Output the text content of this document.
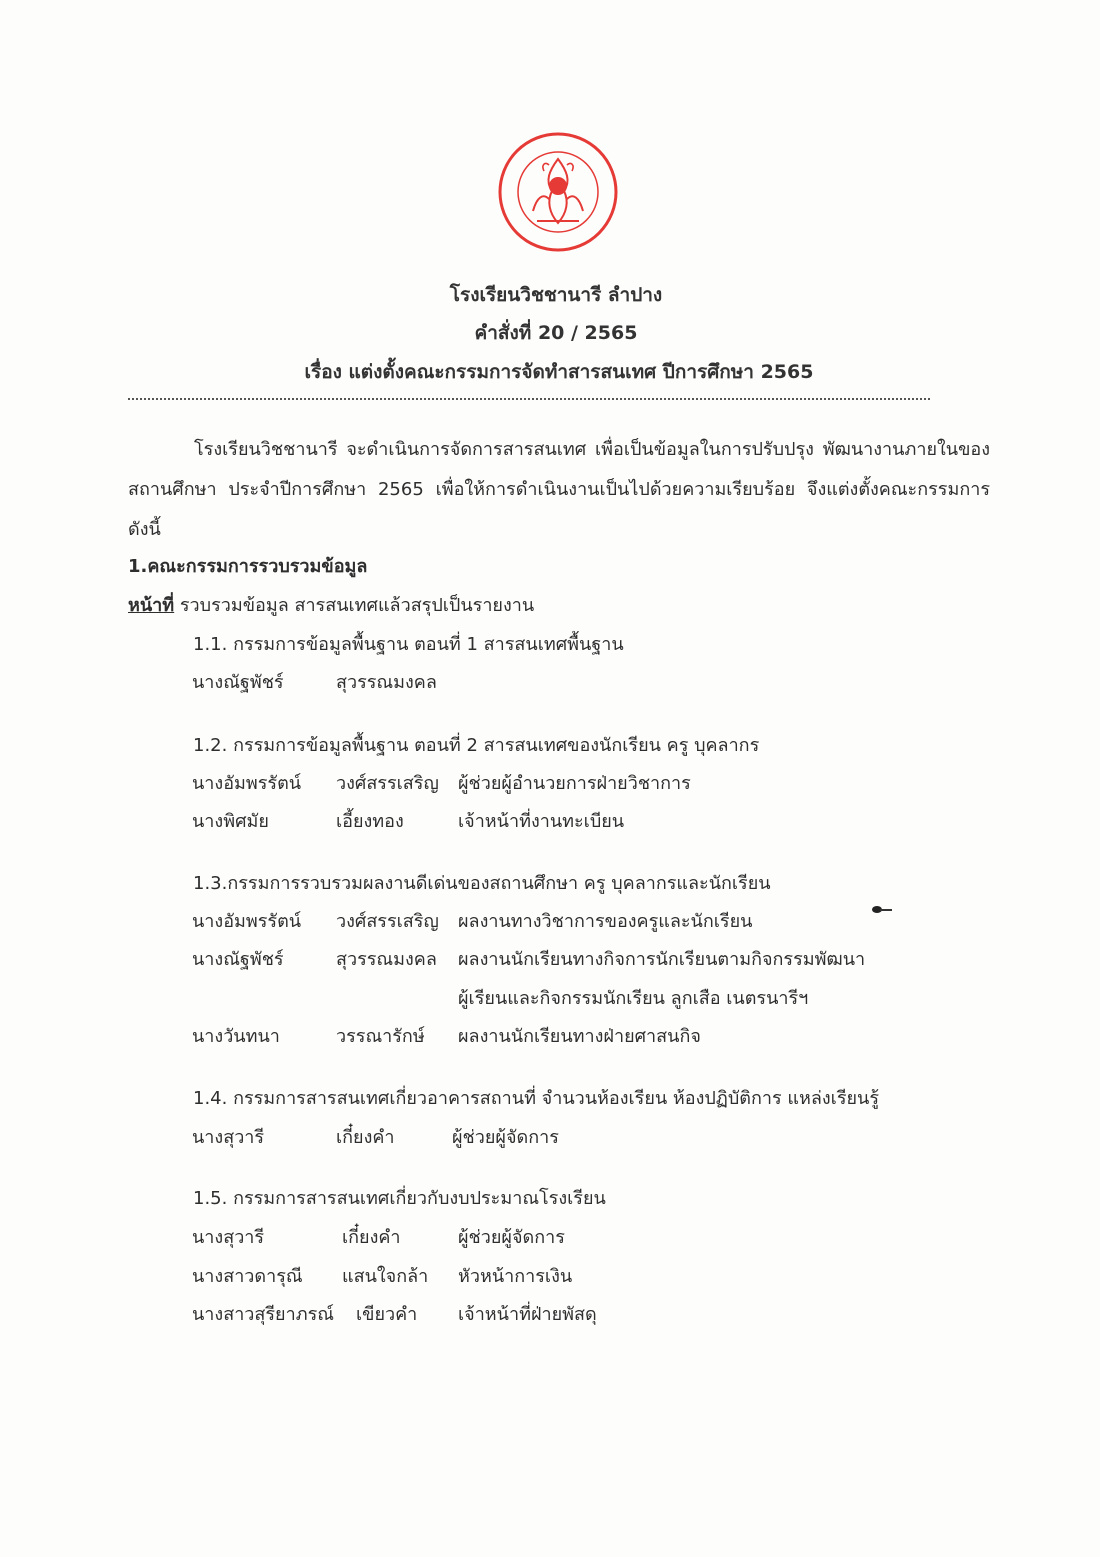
โรงเรียนวิชชานารี ลำปาง
คำสั่งที่ 20 / 2565
เรื่อง แต่งตั้งคณะกรรมการจัดทำสารสนเทศ ปีการศึกษา 2565
โรงเรียนวิชชานารี จะดำเนินการจัดการสารสนเทศ เพื่อเป็นข้อมูลในการปรับปรุง พัฒนางานภายในของสถานศึกษา ประจำปีการศึกษา 2565 เพื่อให้การดำเนินงานเป็นไปด้วยความเรียบร้อย จึงแต่งตั้งคณะกรรมการ ดังนี้
1.คณะกรรมการรวบรวมข้อมูล
หน้าที่ รวบรวมข้อมูล สารสนเทศแล้วสรุปเป็นรายงาน
1.1. กรรมการข้อมูลพื้นฐาน ตอนที่ 1 สารสนเทศพื้นฐาน
นางณัฐพัชร์	สุวรรณมงคล
1.2. กรรมการข้อมูลพื้นฐาน ตอนที่ 2 สารสนเทศของนักเรียน ครู บุคลากร
นางอัมพรรัตน์ วงศ์สรรเสริญ ผู้ช่วยผู้อำนวยการฝ่ายวิชาการ
นางพิศมัย	เอี้ยงทอง	เจ้าหน้าที่งานทะเบียน
1.3.กรรมการรวบรวมผลงานดีเด่นของสถานศึกษา ครู บุคลากรและนักเรียน
นางอัมพรรัตน์ วงศ์สรรเสริญ ผลงานทางวิชาการของครูและนักเรียน
นางณัฐพัชร์	สุวรรณมงคล ผลงานนักเรียนทางกิจการนักเรียนตามกิจกรรมพัฒนา
ผู้เรียนและกิจกรรมนักเรียน ลูกเสือ เนตรนารีฯ
นางวันทนา	วรรณารักษ์ ผลงานนักเรียนทางฝ่ายศาสนกิจ
1.4. กรรมการสารสนเทศเกี่ยวอาคารสถานที่ จำนวนห้องเรียน ห้องปฏิบัติการ แหล่งเรียนรู้
นางสุวารี	เกี๋ยงคำ	ผู้ช่วยผู้จัดการ
1.5. กรรมการสารสนเทศเกี่ยวกับงบประมาณโรงเรียน
นางสุวารี	เกี๋ยงคำ	ผู้ช่วยผู้จัดการ
นางสาวดารุณี แสนใจกล้า หัวหน้าการเงิน
นางสาวสุรียาภรณ์ เขียวคำ เจ้าหน้าที่ฝ่ายพัสดุ
